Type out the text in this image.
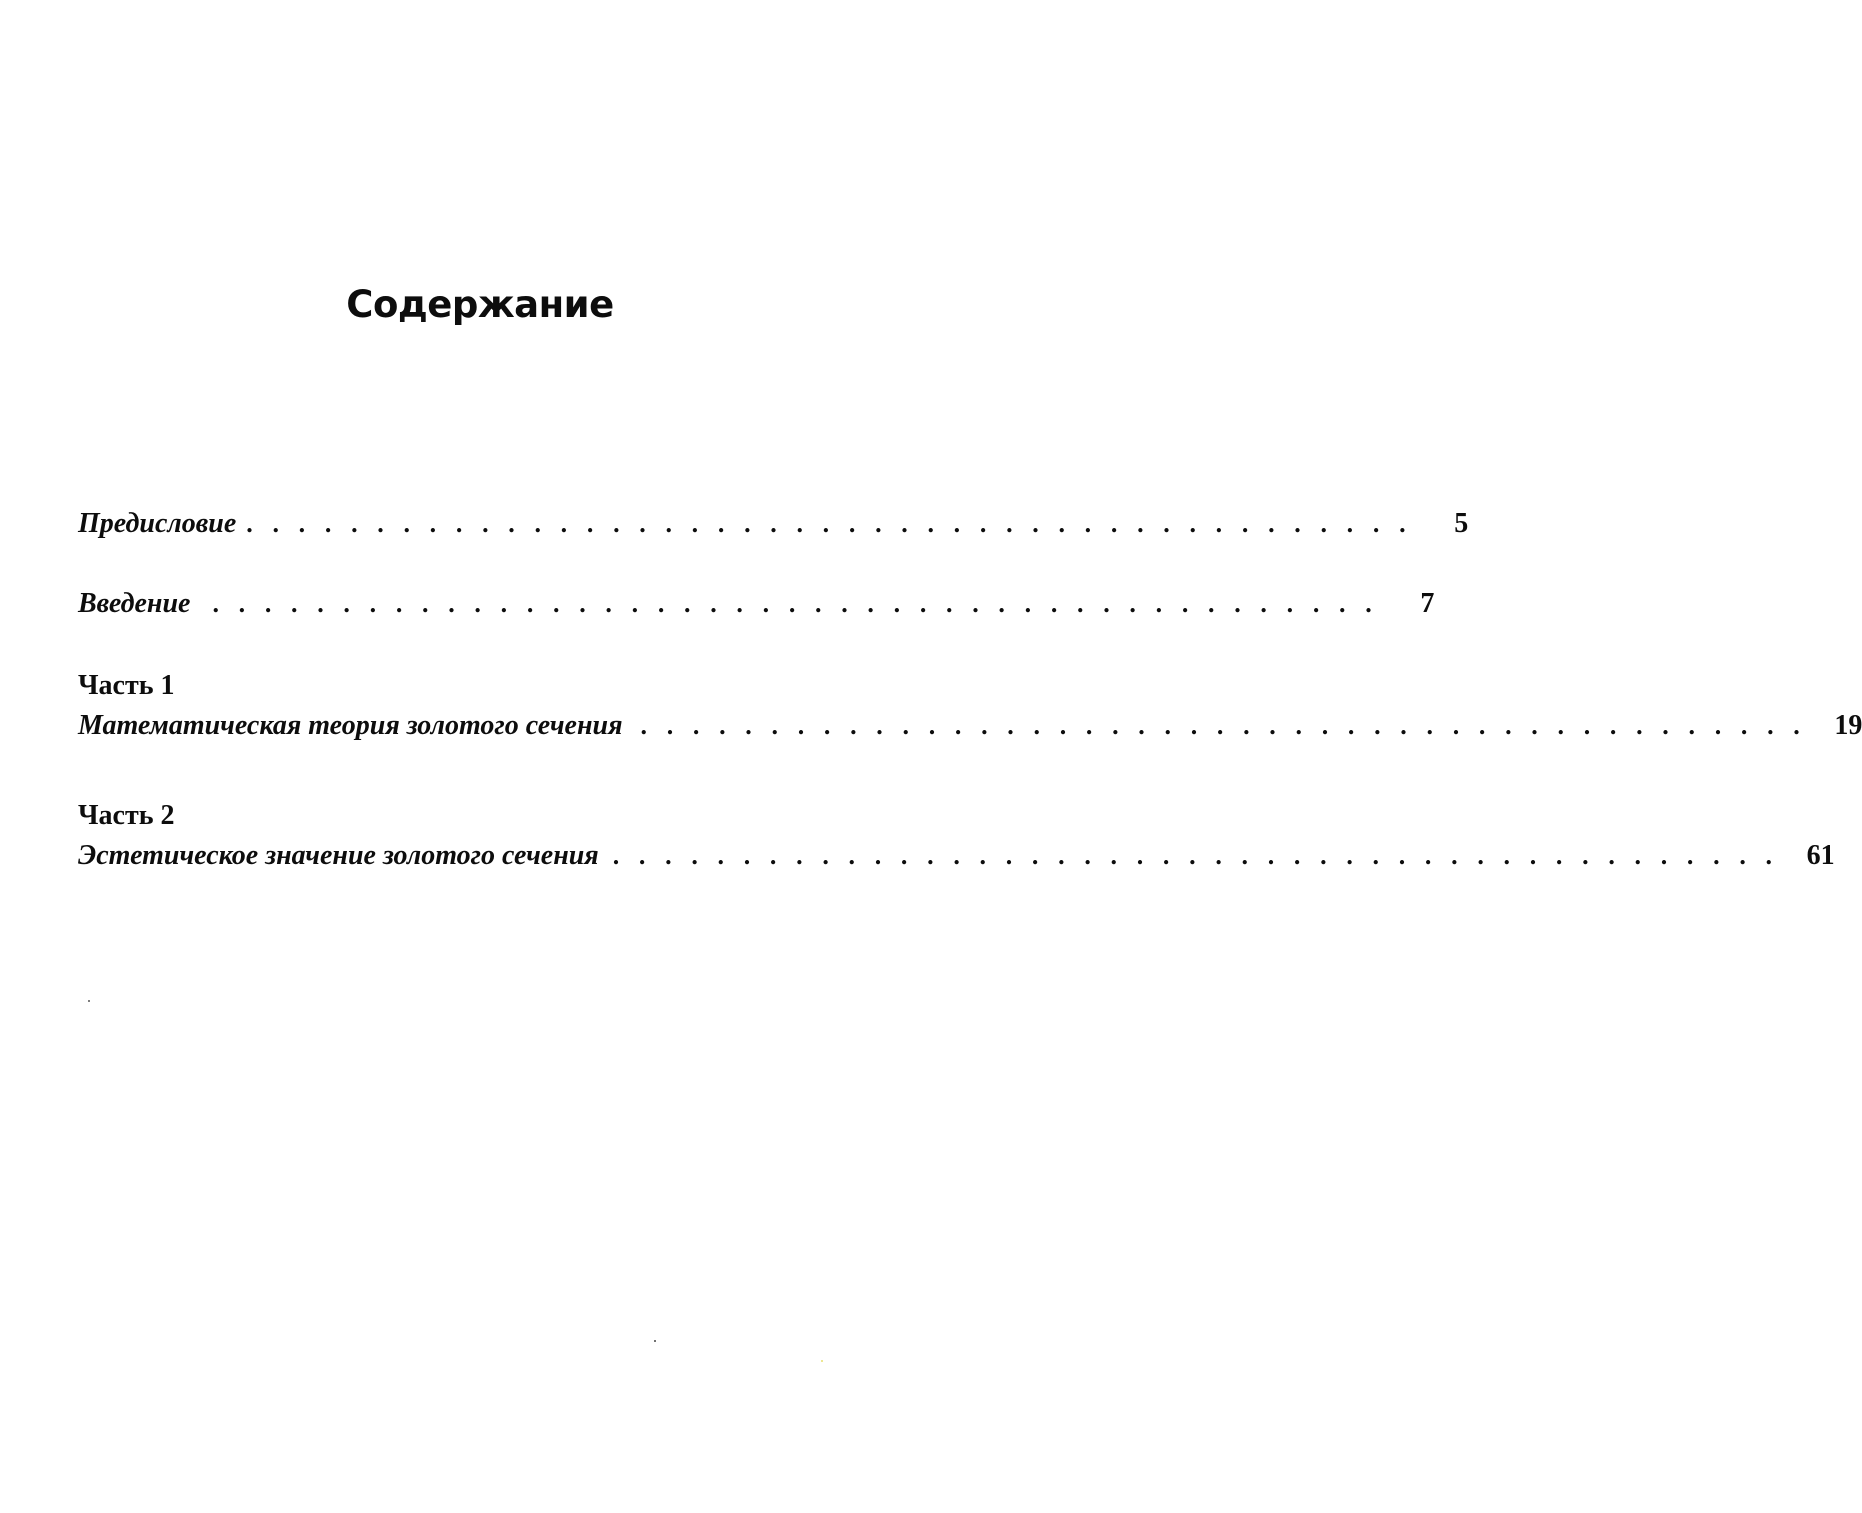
Содержание
Предисловие . . . . . . . . . . . . . . . . . . . . . . . . . . . . . . . . . . . . . . . . . . . . .	5
Введение . . . . . . . . . . . . . . . . . . . . . . . . . . . . . . . . . . . . . . . . . . . . .	7
Часть 1
Математическая теория золотого сечения . . . . . . . . . . . . . . . . . . . . . . . . . . . . . . . . . . . . . . . . . . . . .	19
Часть 2
Эстетическое значение золотого сечения . . . . . . . . . . . . . . . . . . . . . . . . . . . . . . . . . . . . . . . . . . . . .	61
